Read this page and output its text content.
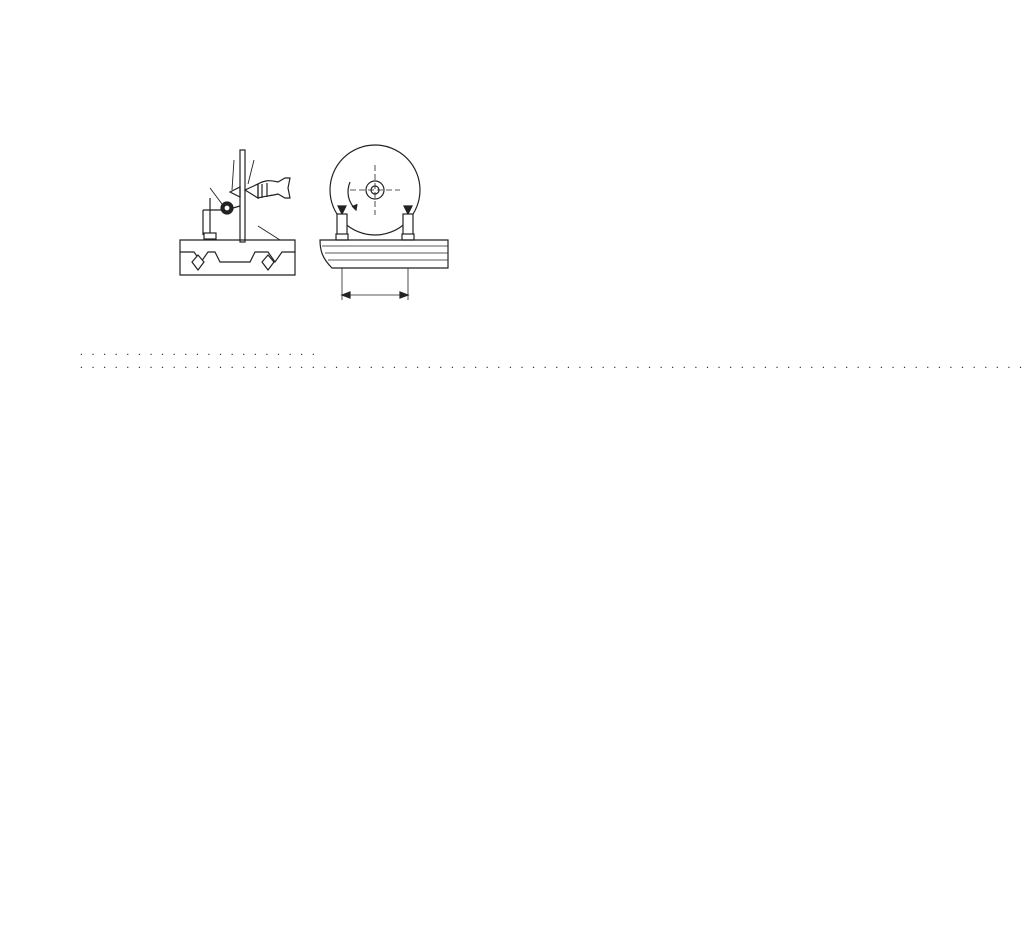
. . . . . . . . . . . . . . . . . . . . .
. . . . . . . . . . . . . . . . . . . . . . . . . . . . . . . . . . . . . . . . . . . . . . . . . . . . . . . . . . . . . . . . . . . . . . . . . . . . . . . . . .
